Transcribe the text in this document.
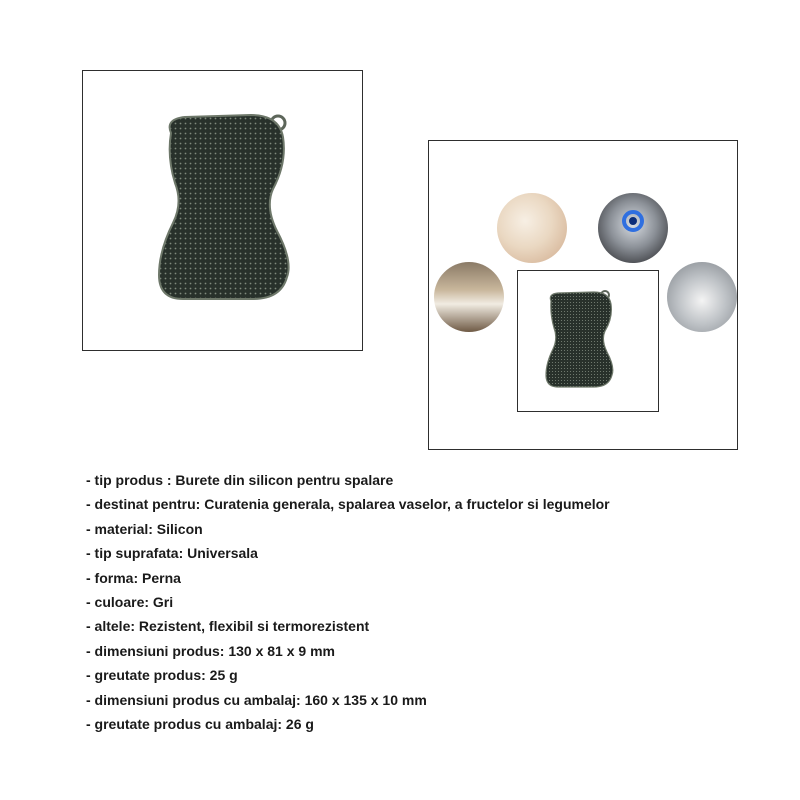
- tip produs : Burete din silicon pentru spalare
- destinat pentru: Curatenia generala, spalarea vaselor, a fructelor si legumelor
- material: Silicon
- tip suprafata: Universala
- forma: Perna
- culoare: Gri
- altele: Rezistent, flexibil si termorezistent
- dimensiuni produs: 130 x 81 x 9 mm
- greutate produs: 25 g
- dimensiuni produs cu ambalaj: 160 x 135 x 10 mm
- greutate produs cu ambalaj: 26 g
